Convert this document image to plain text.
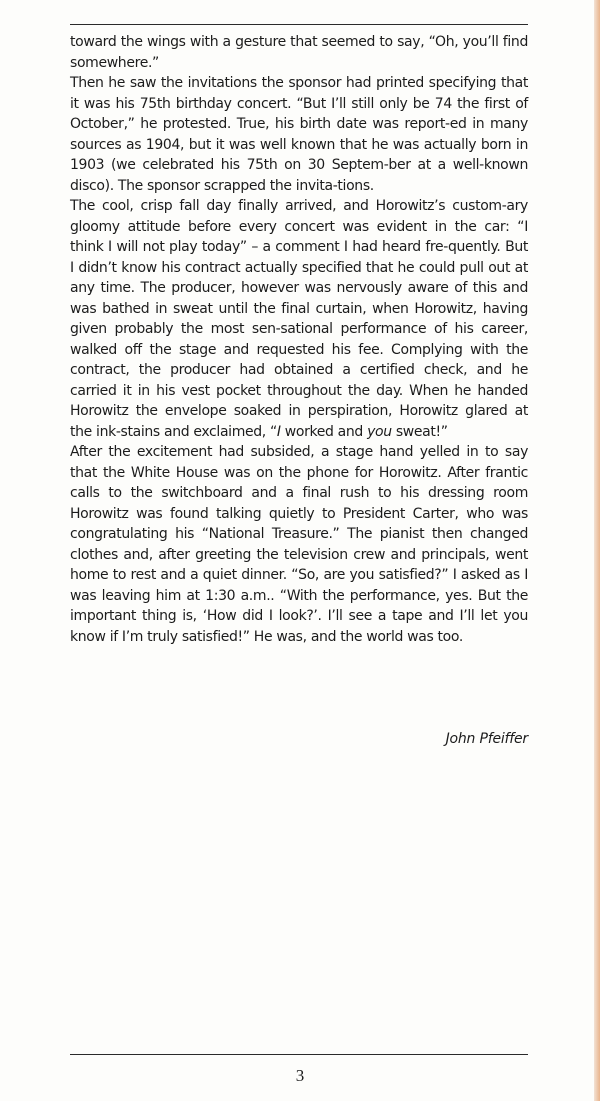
toward the wings with a gesture that seemed to say, “Oh, you’ll find somewhere.”

Then he saw the invitations the sponsor had printed specifying that it was his 75th birthday concert. “But I’ll still only be 74 the first of October,” he protested. True, his birth date was report-ed in many sources as 1904, but it was well known that he was actually born in 1903 (we celebrated his 75th on 30 Septem-ber at a well-known disco). The sponsor scrapped the invita-tions.

The cool, crisp fall day finally arrived, and Horowitz’s custom-ary gloomy attitude before every concert was evident in the car: “I think I will not play today” – a comment I had heard fre-quently. But I didn’t know his contract actually specified that he could pull out at any time. The producer, however was nervously aware of this and was bathed in sweat until the final curtain, when Horowitz, having given probably the most sen-sational performance of his career, walked off the stage and requested his fee. Complying with the contract, the producer had obtained a certified check, and he carried it in his vest pocket throughout the day. When he handed Horowitz the envelope soaked in perspiration, Horowitz glared at the ink-stains and exclaimed, “I worked and you sweat!”

After the excitement had subsided, a stage hand yelled in to say that the White House was on the phone for Horowitz. After frantic calls to the switchboard and a final rush to his dressing room Horowitz was found talking quietly to President Carter, who was congratulating his “National Treasure.” The pianist then changed clothes and, after greeting the television crew and principals, went home to rest and a quiet dinner. “So, are you satisfied?” I asked as I was leaving him at 1:30 a.m.. “With the performance, yes. But the important thing is, ‘How did I look?’. I’ll see a tape and I’ll let you know if I’m truly satisfied!” He was, and the world was too.

John Pfeiffer
3
